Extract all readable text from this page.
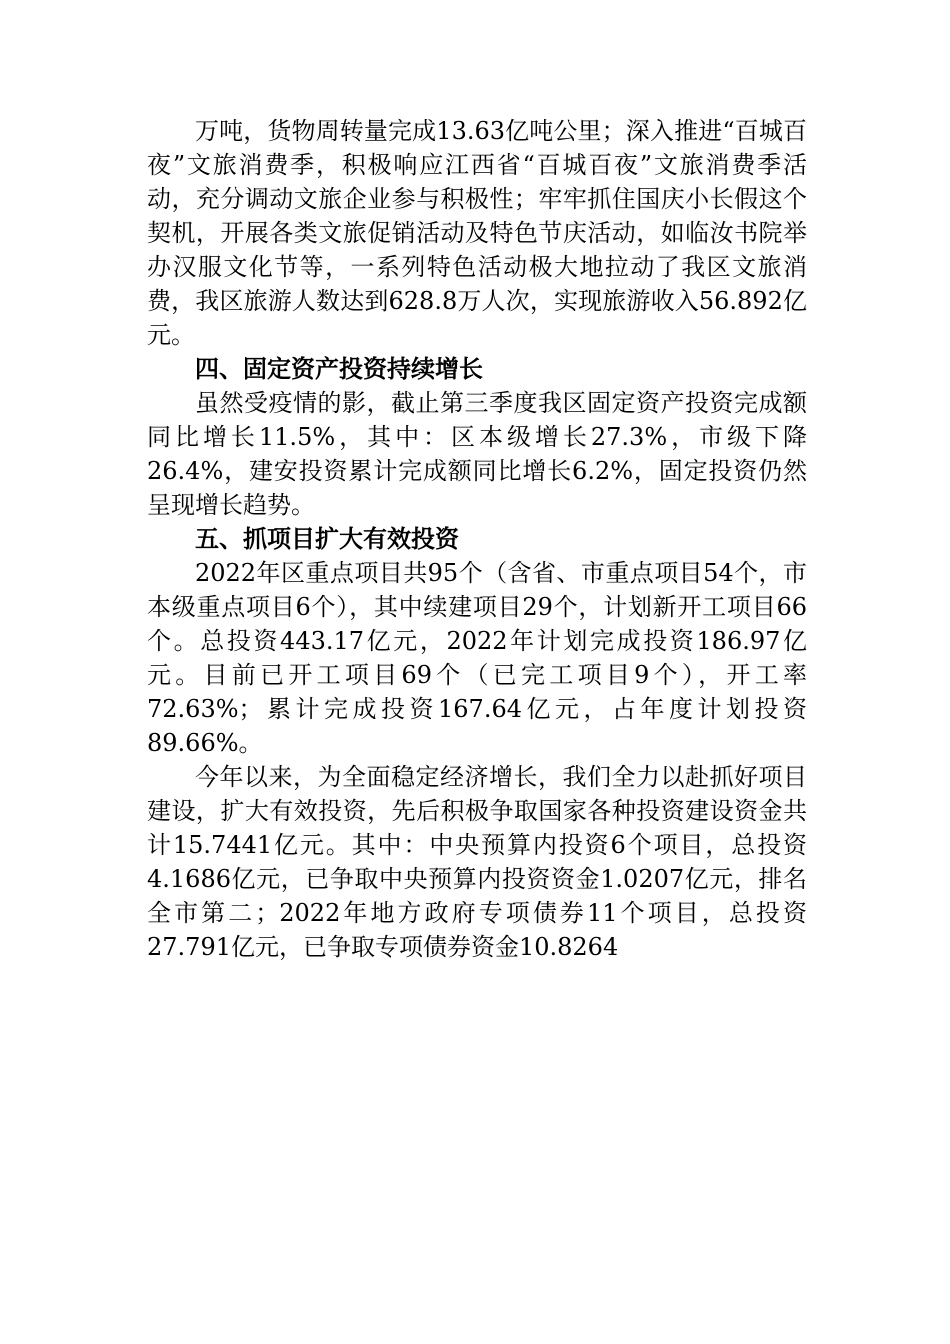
万吨，货物周转量完成13.63亿吨公里；深入推进“百城百夜”文旅消费季，积极响应江西省“百城百夜”文旅消费季活动，充分调动文旅企业参与积极性；牢牢抓住国庆小长假这个契机，开展各类文旅促销活动及特色节庆活动，如临汝书院举办汉服文化节等，一系列特色活动极大地拉动了我区文旅消费，我区旅游人数达到628.8万人次，实现旅游收入56.892亿元。

四、固定资产投资持续增长

虽然受疫情的影，截止第三季度我区固定资产投资完成额同比增长11.5%，其中：区本级增长27.3%，市级下降26.4%，建安投资累计完成额同比增长6.2%，固定投资仍然呈现增长趋势。

五、抓项目扩大有效投资

2022年区重点项目共95个（含省、市重点项目54个，市本级重点项目6个），其中续建项目29个，计划新开工项目66个。总投资443.17亿元，2022年计划完成投资186.97亿元。目前已开工项目69个（已完工项目9个），开工率72.63%；累计完成投资167.64亿元，占年度计划投资89.66%。

今年以来，为全面稳定经济增长，我们全力以赴抓好项目建设，扩大有效投资，先后积极争取国家各种投资建设资金共计15.7441亿元。其中：中央预算内投资6个项目，总投资4.1686亿元，已争取中央预算内投资资金1.0207亿元，排名全市第二；2022年地方政府专项债券11个项目，总投资27.791亿元，已争取专项债券资金10.8264
